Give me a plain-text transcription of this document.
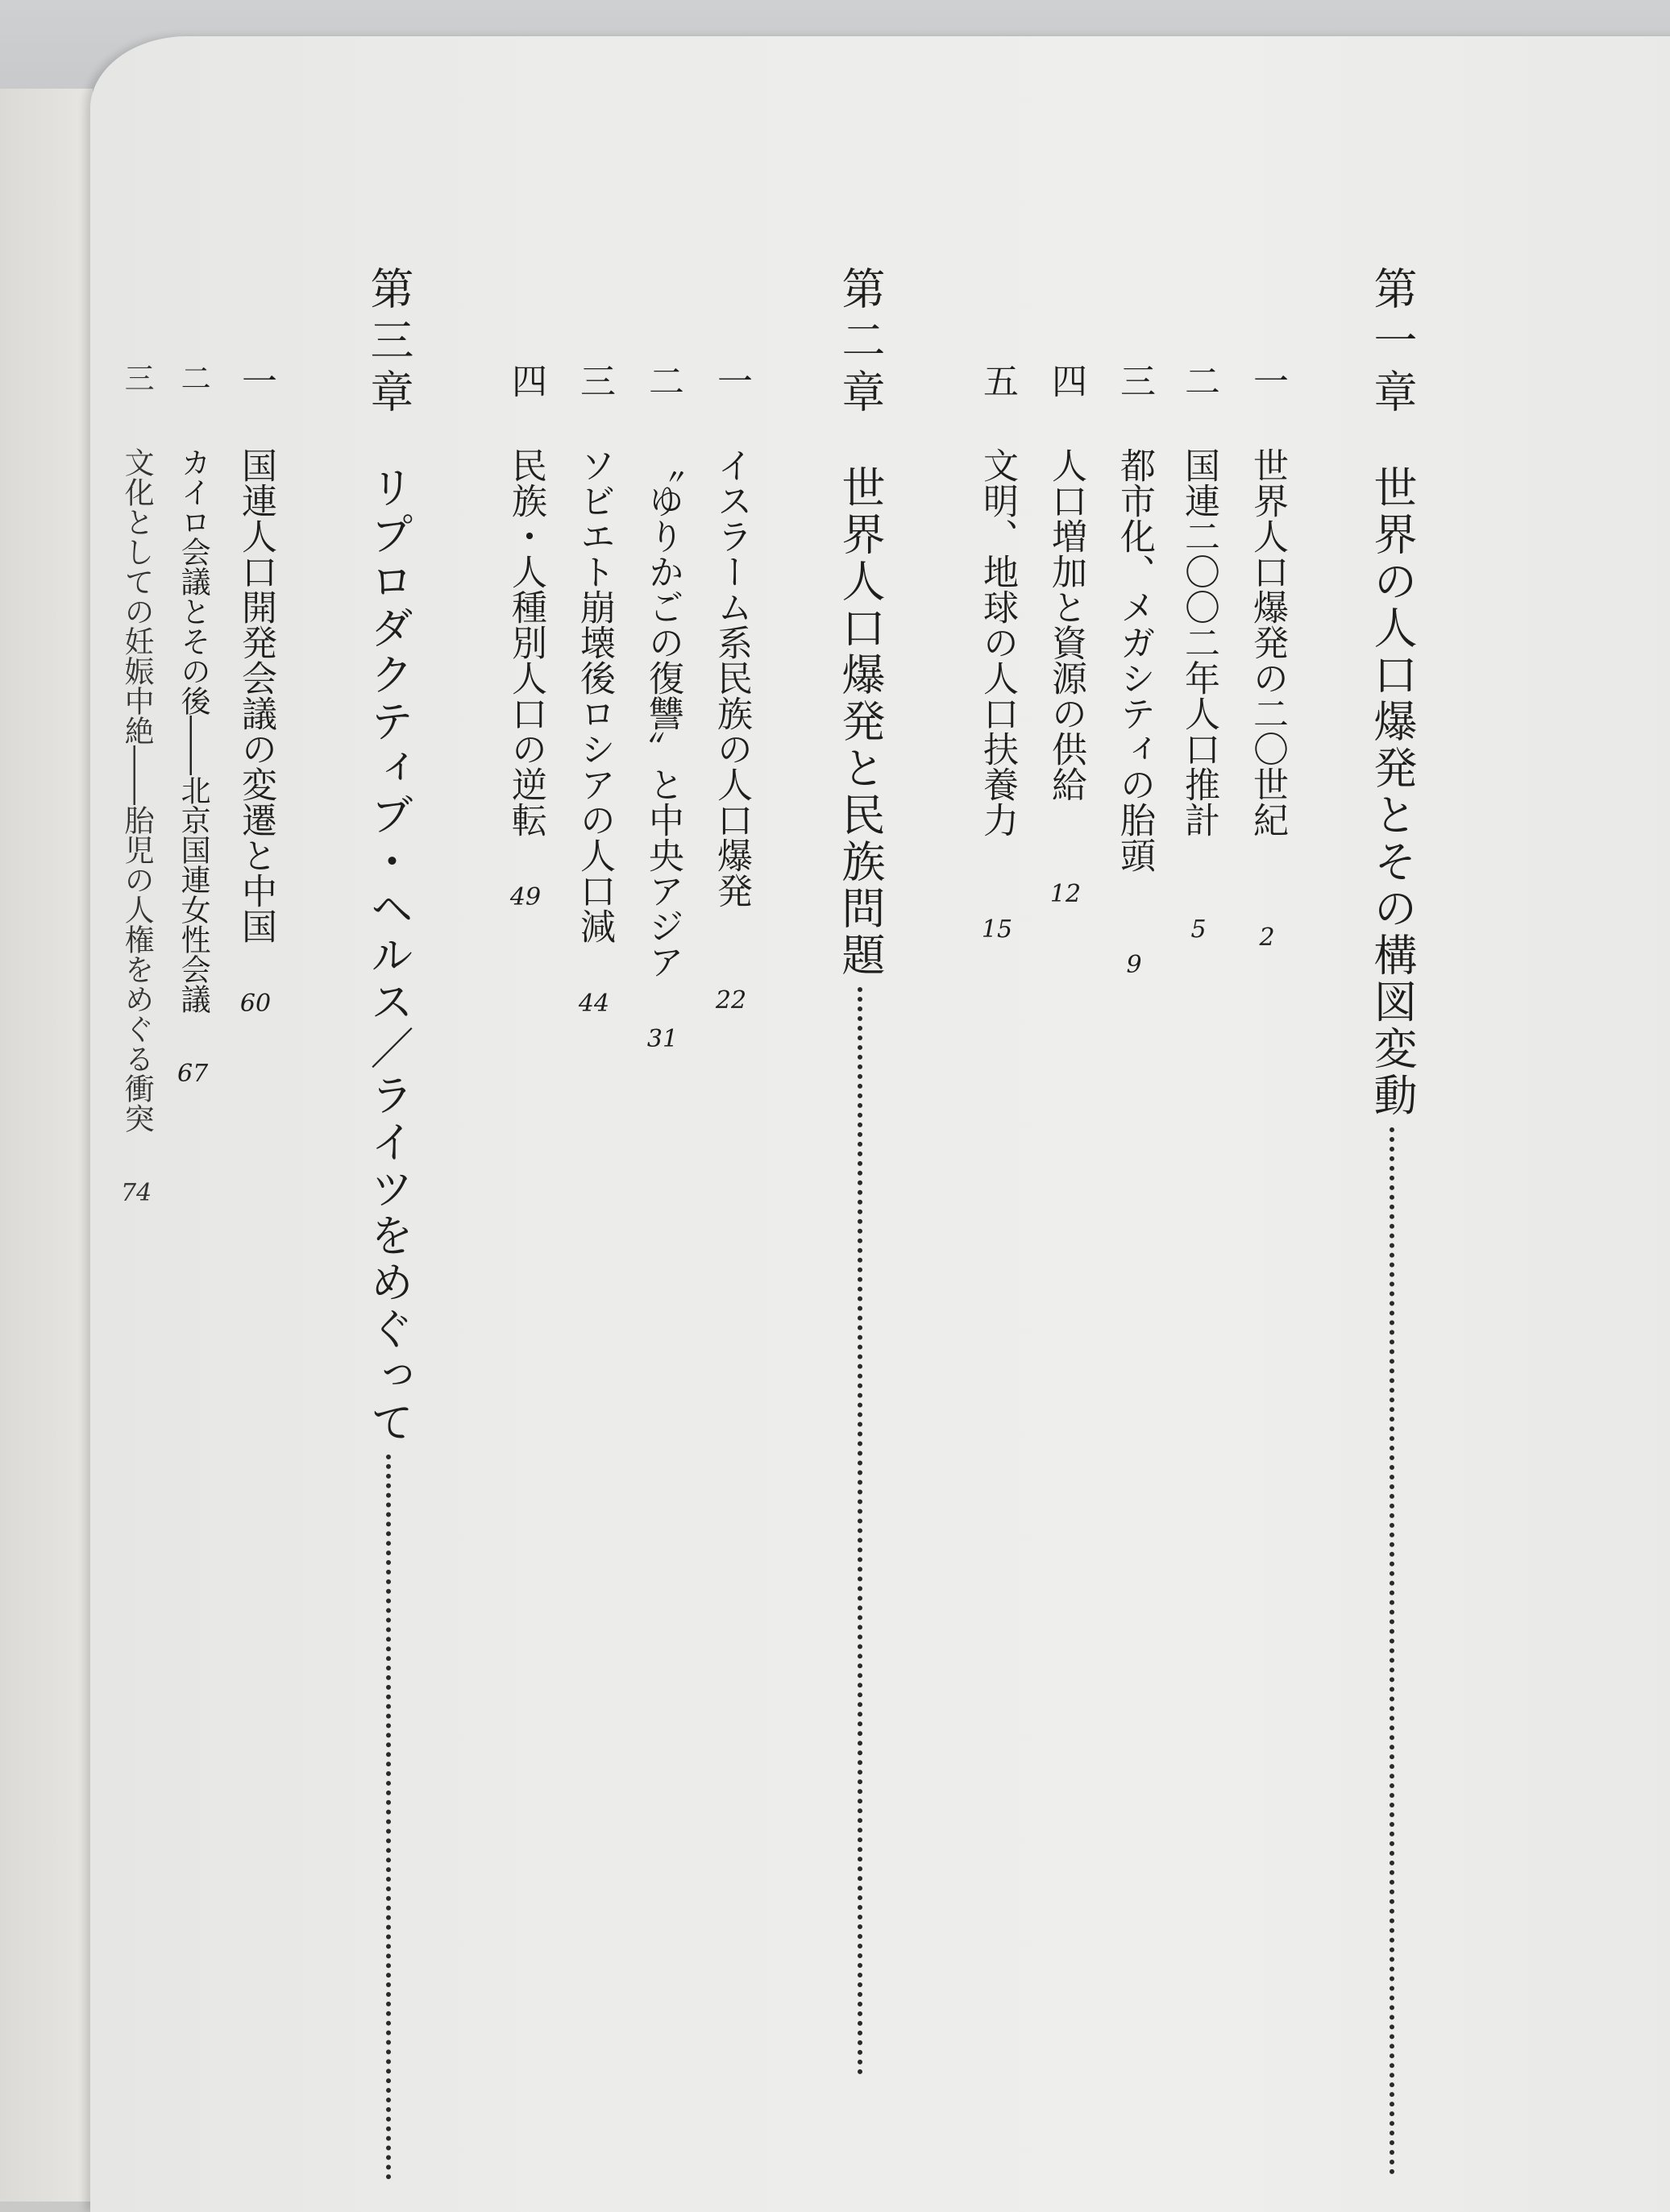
第一章世界の人口爆発とその構図変動
一世界人口爆発の二〇世紀2
二国連二〇〇二年人口推計5
三都市化、メガシティの胎頭9
四人口増加と資源の供給12
五文明、地球の人口扶養力15
第二章世界人口爆発と民族問題
一イスラーム系民族の人口爆発22
二〝ゆりかごの復讐〟と中央アジア31
三ソビエト崩壊後ロシアの人口減44
四民族・人種別人口の逆転49
第三章リプロダクティブ・ヘルス／ライツをめぐって
一国連人口開発会議の変遷と中国60
二カイロ会議とその後――北京国連女性会議67
三文化としての妊娠中絶――胎児の人権をめぐる衝突74
